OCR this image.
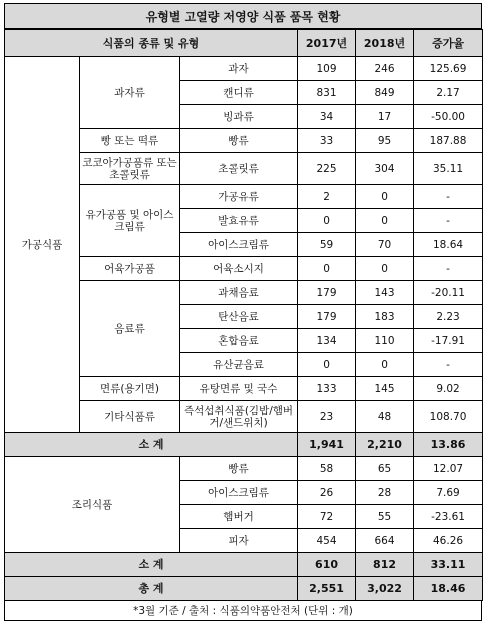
유형별 고열량 저영양 식품 품목 현황
식품의 종류 및 유형			2017년	2018년	증가율
가공식품	과자류	과자	109	246	125.69
		캔디류	831	849	2.17
		빙과류	34	17	-50.00
	빵 또는 떡류	빵류	33	95	187.88
	코코아가공품류 또는 초콜릿류	초콜릿류	225	304	35.11
	유가공품 및 아이스크림류	가공유류	2	0	-
		발효유류	0	0	-
		아이스크림류	59	70	18.64
	어육가공품	어육소시지	0	0	-
	음료류	과채음료	179	143	-20.11
		탄산음료	179	183	2.23
		혼합음료	134	110	-17.91
		유산균음료	0	0	-
	면류(용기면)	유탕면류 및 국수	133	145	9.02
	기타식품류	즉석섭취식품(김밥/햄버거/샌드위치)	23	48	108.70
소 계			1,941	2,210	13.86
조리식품		빵류	58	65	12.07
		아이스크림류	26	28	7.69
		햄버거	72	55	-23.61
		피자	454	664	46.26
소 계			610	812	33.11
총 계			2,551	3,022	18.46
*3월 기준 / 출처 : 식품의약품안전처 (단위 : 개)
